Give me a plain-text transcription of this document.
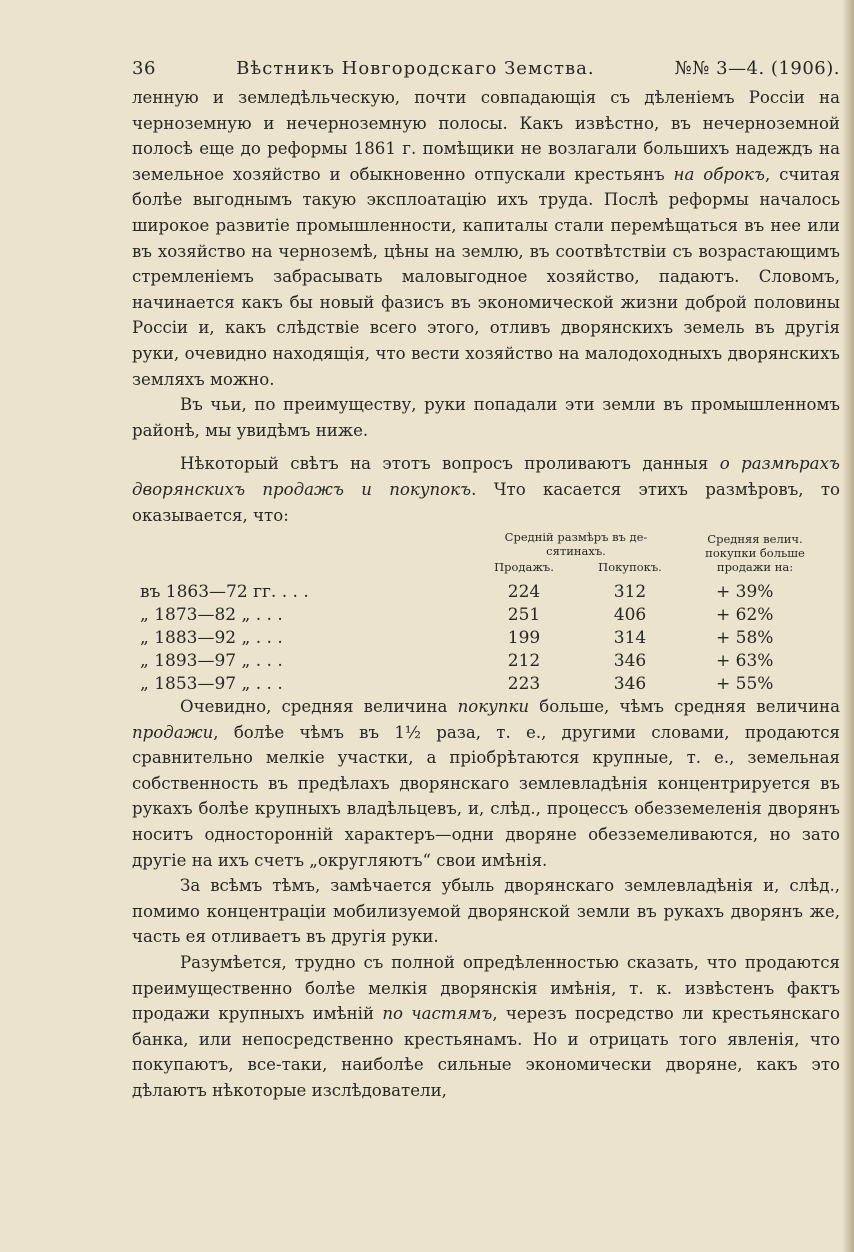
36	Вѣстникъ Новгородскаго Земства.	№№ 3—4. (1906).

ленную и земледѣльческую, почти совпадающія съ дѣленіемъ Россіи на черноземную и нечерноземную полосы. Какъ извѣстно, въ нечерноземной полосѣ еще до реформы 1861 г. помѣщики не возлагали большихъ надеждъ на земельное хозяйство и обыкновенно отпускали крестьянъ на оброкъ, считая болѣе выгоднымъ такую эксплоатацію ихъ труда. Послѣ реформы началось широкое развитіе промышленности, капиталы стали перемѣщаться въ нее или въ хозяйство на черноземѣ, цѣны на землю, въ соотвѣтствіи съ возрастающимъ стремленіемъ забрасывать маловыгодное хозяйство, падаютъ. Словомъ, начинается какъ бы новый фазисъ въ экономической жизни доброй половины Россіи и, какъ слѣдствіе всего этого, отливъ дворянскихъ земель въ другія руки, очевидно находящія, что вести хозяйство на малодоходныхъ дворянскихъ земляхъ можно.

Въ чьи, по преимуществу, руки попадали эти земли въ промышленномъ районѣ, мы увидѣмъ ниже.

Нѣкоторый свѣтъ на этотъ вопросъ проливаютъ данныя о размѣрахъ дворянскихъ продажъ и покупокъ. Что касается этихъ размѣровъ, то оказывается, что:

Средній размѣръ въ де-
сятинахъ.
Продажъ.	Покупокъ.
Средняя велич.
покупки больше
продажи на:
въ 1863—72 гг. . . .	224	312	+ 39%
„ 1873—82 „ . . .	251	406	+ 62%
„ 1883—92 „ . . .	199	314	+ 58%
„ 1893—97 „ . . .	212	346	+ 63%
„ 1853—97 „ . . .	223	346	+ 55%

Очевидно, средняя величина покупки больше, чѣмъ средняя величина продажи, болѣе чѣмъ въ 1½ раза, т. е., другими словами, продаются сравнительно мелкіе участки, а пріобрѣтаются крупные, т. е., земельная собственность въ предѣлахъ дворянскаго землевладѣнія концентрируется въ рукахъ болѣе крупныхъ владѣльцевъ, и, слѣд., процессъ обезземеленія дворянъ носитъ односторонній характеръ—одни дворяне обезземеливаются, но зато другіе на ихъ счетъ „округляютъ“ свои имѣнія.

За всѣмъ тѣмъ, замѣчается убыль дворянскаго землевладѣнія и, слѣд., помимо концентраціи мобилизуемой дворянской земли въ рукахъ дворянъ же, часть ея отливаетъ въ другія руки.

Разумѣется, трудно съ полной опредѣленностью сказать, что продаются преимущественно болѣе мелкія дворянскія имѣнія, т. к. извѣстенъ фактъ продажи крупныхъ имѣній по частямъ, черезъ посредство ли крестьянскаго банка, или непосредственно крестьянамъ. Но и отрицать того явленія, что покупаютъ, все-таки, наиболѣе сильные экономически дворяне, какъ это дѣлаютъ нѣкоторые изслѣдователи,
